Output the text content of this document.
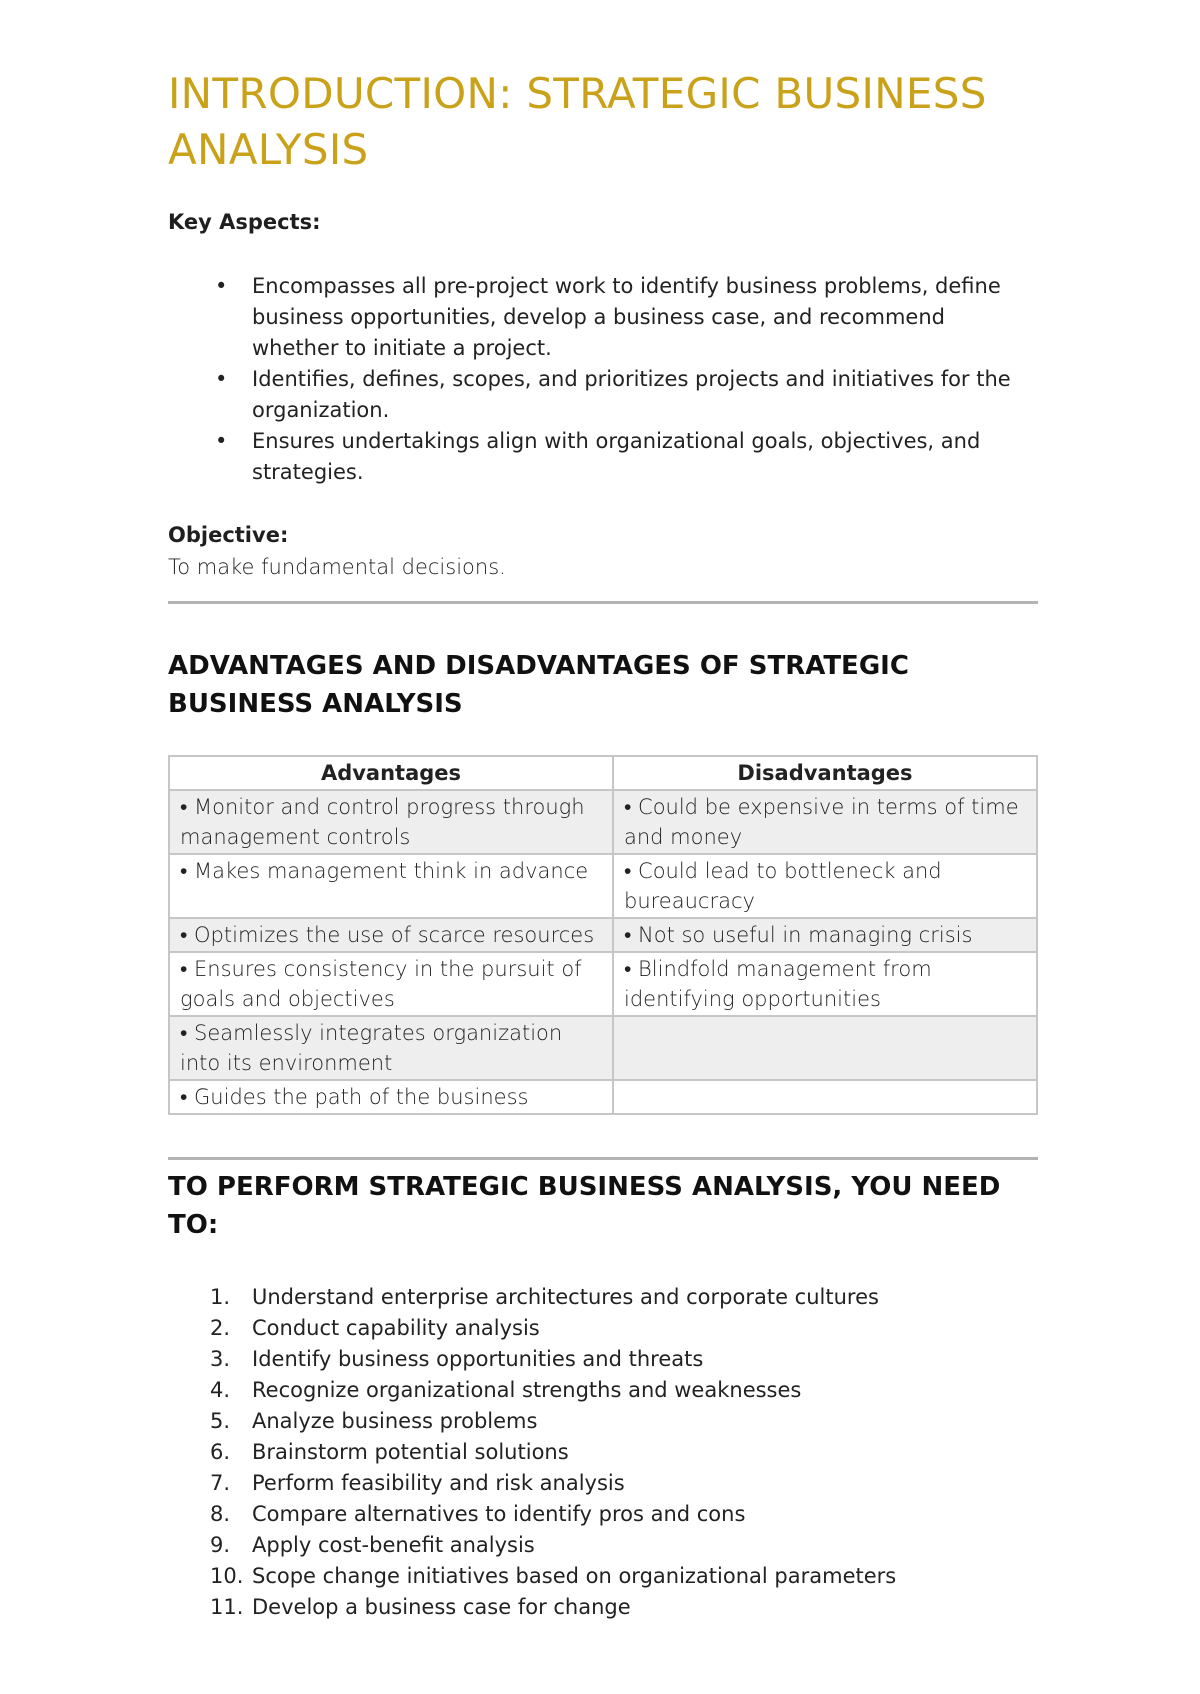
INTRODUCTION: STRATEGIC BUSINESS ANALYSIS

Key Aspects:

• Encompasses all pre-project work to identify business problems, define business opportunities, develop a business case, and recommend whether to initiate a project.
• Identifies, defines, scopes, and prioritizes projects and initiatives for the organization.
• Ensures undertakings align with organizational goals, objectives, and strategies.

Objective:

To make fundamental decisions.

ADVANTAGES AND DISADVANTAGES OF STRATEGIC BUSINESS ANALYSIS
Advantages	Disadvantages
• Monitor and control progress through management controls	• Could be expensive in terms of time and money
• Makes management think in advance	• Could lead to bottleneck and bureaucracy
• Optimizes the use of scarce resources	• Not so useful in managing crisis
• Ensures consistency in the pursuit of goals and objectives	• Blindfold management from identifying opportunities
• Seamlessly integrates organization into its environment	
• Guides the path of the business	
TO PERFORM STRATEGIC BUSINESS ANALYSIS, YOU NEED TO:
1. Understand enterprise architectures and corporate cultures
2. Conduct capability analysis
3. Identify business opportunities and threats
4. Recognize organizational strengths and weaknesses
5. Analyze business problems
6. Brainstorm potential solutions
7. Perform feasibility and risk analysis
8. Compare alternatives to identify pros and cons
9. Apply cost-benefit analysis
10. Scope change initiatives based on organizational parameters
11. Develop a business case for change
